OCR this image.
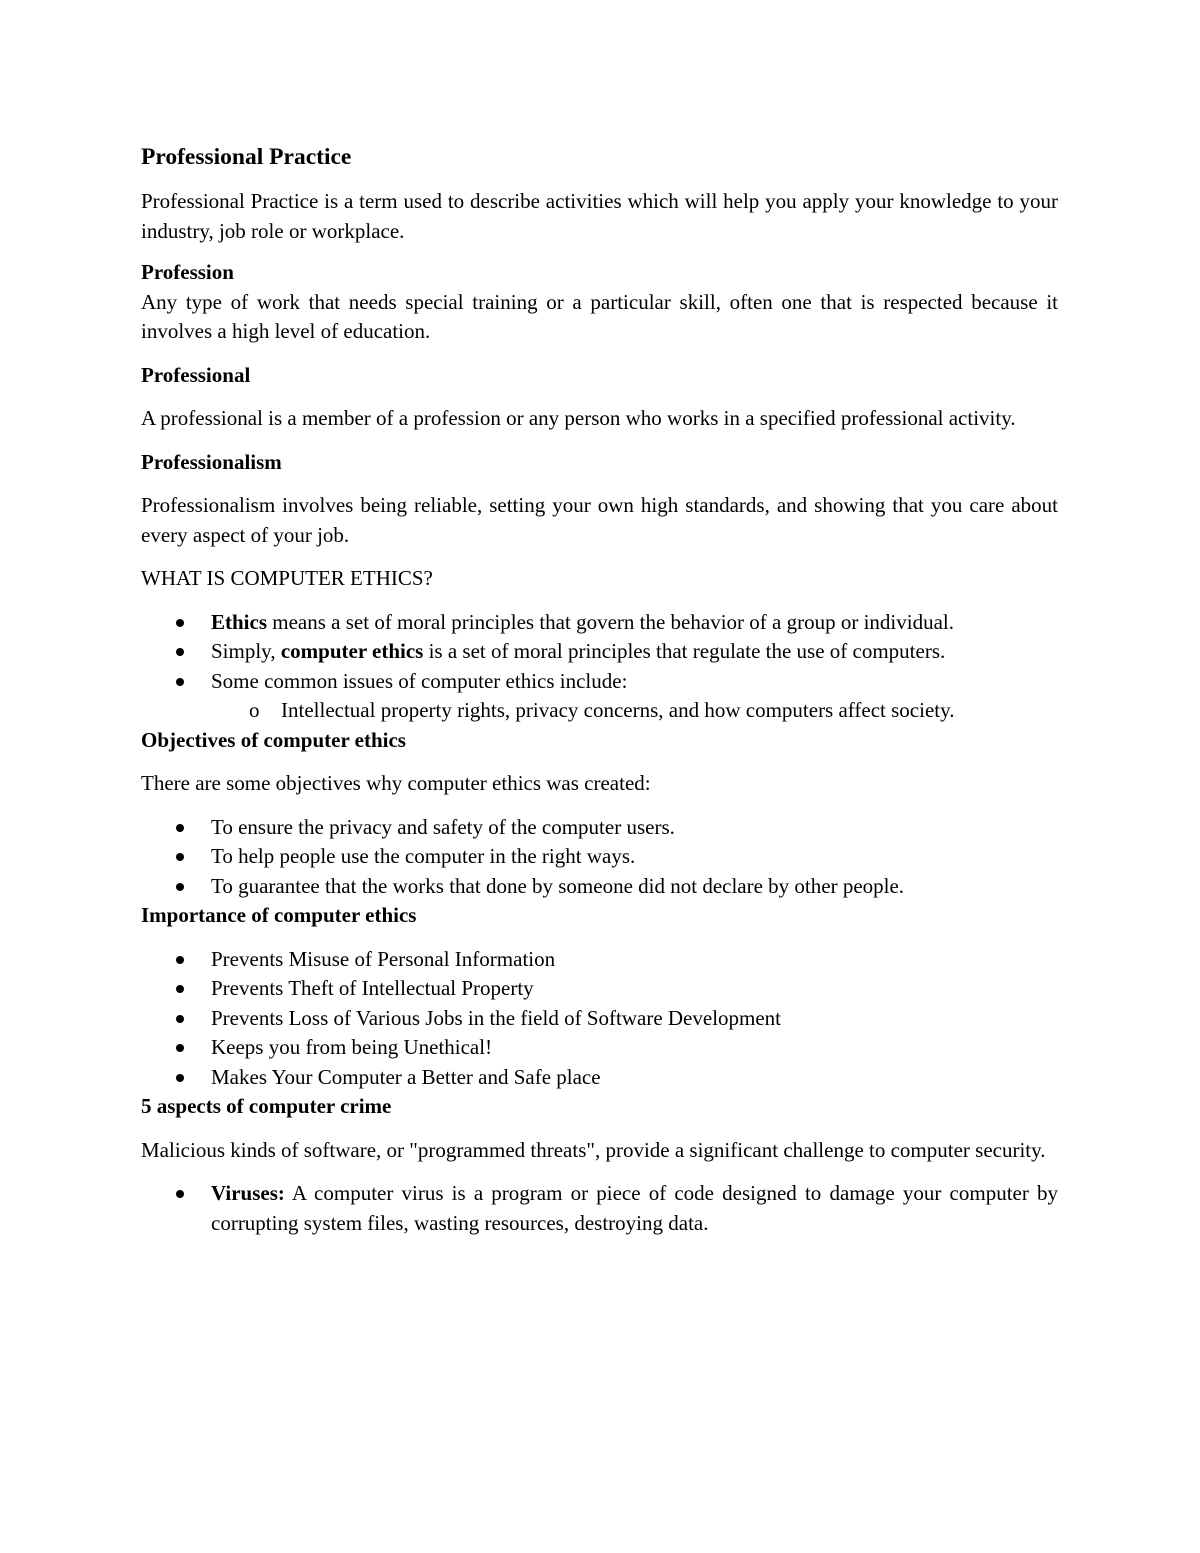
Professional Practice

Professional Practice is a term used to describe activities which will help you apply your knowledge to your industry, job role or workplace.

Profession

Any type of work that needs special training or a particular skill, often one that is respected because it involves a high level of education.

Professional

A professional is a member of a profession or any person who works in a specified professional activity.

Professionalism

Professionalism involves being reliable, setting your own high standards, and showing that you care about every aspect of your job.

WHAT IS COMPUTER ETHICS?

Ethics means a set of moral principles that govern the behavior of a group or individual.
Simply, computer ethics is a set of moral principles that regulate the use of computers.
Some common issues of computer ethics include:
o Intellectual property rights, privacy concerns, and how computers affect society.

Objectives of computer ethics

There are some objectives why computer ethics was created:

To ensure the privacy and safety of the computer users.
To help people use the computer in the right ways.
To guarantee that the works that done by someone did not declare by other people.

Importance of computer ethics

Prevents Misuse of Personal Information
Prevents Theft of Intellectual Property
Prevents Loss of Various Jobs in the field of Software Development
Keeps you from being Unethical!
Makes Your Computer a Better and Safe place

5 aspects of computer crime

Malicious kinds of software, or "programmed threats", provide a significant challenge to computer security.

Viruses: A computer virus is a program or piece of code designed to damage your computer by corrupting system files, wasting resources, destroying data.
